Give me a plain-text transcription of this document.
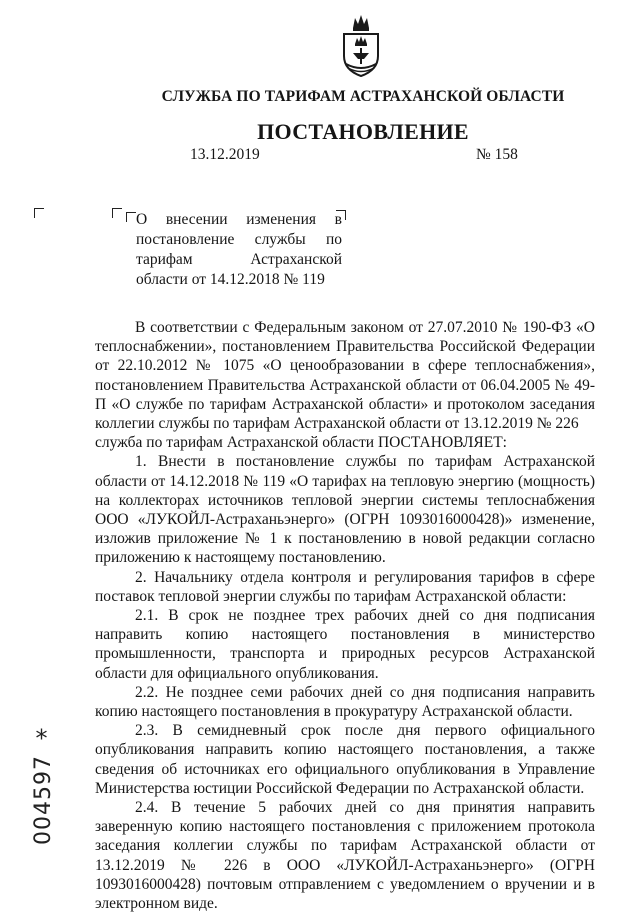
СЛУЖБА ПО ТАРИФАМ АСТРАХАНСКОЙ ОБЛАСТИ
ПОСТАНОВЛЕНИЕ
13.12.2019	№ 158
О внесении изменения в постановление службы по тарифам Астраханской области от 14.12.2018 № 119

В соответствии с Федеральным законом от 27.07.2010 № 190-ФЗ «О теплоснабжении», постановлением Правительства Российской Федерации от 22.10.2012 № 1075 «О ценообразовании в сфере теплоснабжения», постановлением Правительства Астраханской области от 06.04.2005 № 49-П «О службе по тарифам Астраханской области» и протоколом заседания коллегии службы по тарифам Астраханской области от 13.12.2019 № 226

служба по тарифам Астраханской области ПОСТАНОВЛЯЕТ:

1. Внести в постановление службы по тарифам Астраханской области от 14.12.2018 № 119 «О тарифах на тепловую энергию (мощность) на коллекторах источников тепловой энергии системы теплоснабжения ООО «ЛУКОЙЛ-Астраханьэнерго» (ОГРН 1093016000428)» изменение, изложив приложение № 1 к постановлению в новой редакции согласно приложению к настоящему постановлению.

2. Начальнику отдела контроля и регулирования тарифов в сфере поставок тепловой энергии службы по тарифам Астраханской области:

2.1. В срок не позднее трех рабочих дней со дня подписания направить копию настоящего постановления в министерство промышленности, транспорта и природных ресурсов Астраханской области для официального опубликования.

2.2. Не позднее семи рабочих дней со дня подписания направить копию настоящего постановления в прокуратуру Астраханской области.

2.3. В семидневный срок после дня первого официального опубликования направить копию настоящего постановления, а также сведения об источниках его официального опубликования в Управление Министерства юстиции Российской Федерации по Астраханской области.

2.4. В течение 5 рабочих дней со дня принятия направить заверенную копию настоящего постановления с приложением протокола заседания коллегии службы по тарифам Астраханской области от 13.12.2019 № 226 в ООО «ЛУКОЙЛ-Астраханьэнерго» (ОГРН 1093016000428) почтовым отправлением с уведомлением о вручении и в электронном виде.

004597*
